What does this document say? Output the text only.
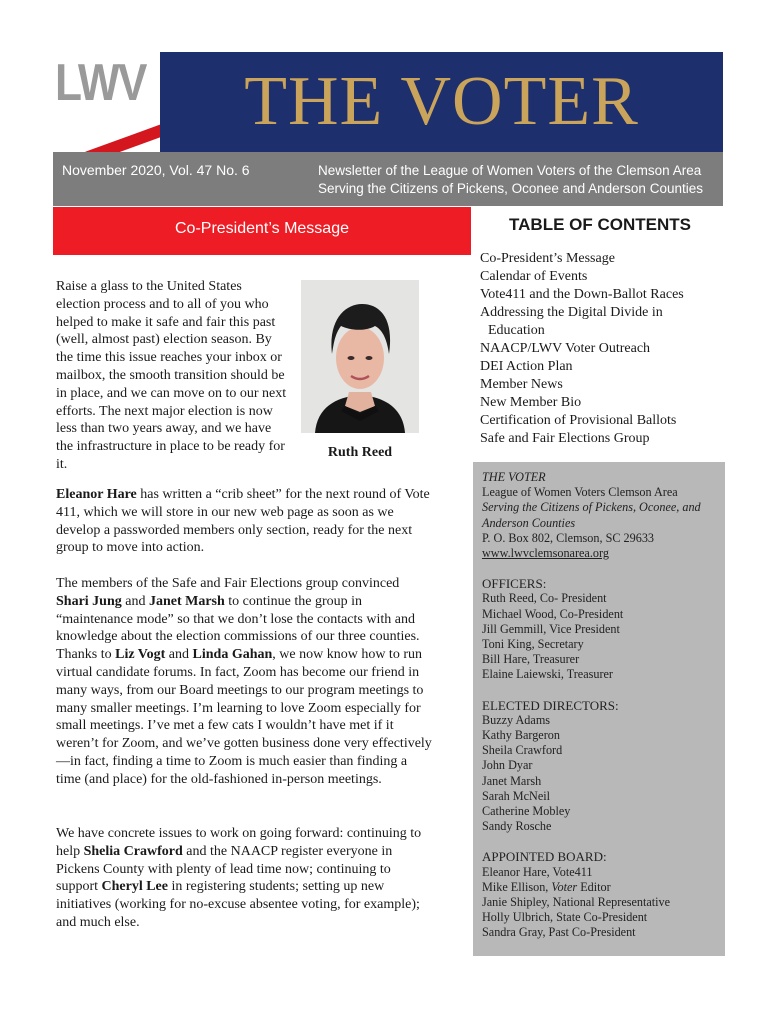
LWV	THE VOTER
November 2020, Vol. 47 No. 6	Newsletter of the League of Women Voters of the Clemson Area
Serving the Citizens of Pickens, Oconee and Anderson Counties
Co-President’s Message
Raise a glass to the United States election process and to all of you who helped to make it safe and fair this past (well, almost past) election season. By the time this issue reaches your inbox or mailbox, the smooth transition should be in place, and we can move on to our next efforts. The next major election is now less than two years away, and we have the infrastructure in place to be ready for it.
Ruth Reed
Eleanor Hare has written a “crib sheet” for the next round of Vote 411, which we will store in our new web page as soon as we develop a passworded members only section, ready for the next group to move into action.
The members of the Safe and Fair Elections group convinced Shari Jung and Janet Marsh to continue the group in “maintenance mode” so that we don’t lose the contacts with and knowledge about the election commissions of our three counties. Thanks to Liz Vogt and Linda Gahan, we now know how to run virtual candidate forums. In fact, Zoom has become our friend in many ways, from our Board meetings to our program meetings to many smaller meetings. I’m learning to love Zoom especially for small meetings. I’ve met a few cats I wouldn’t have met if it weren’t for Zoom, and we’ve gotten business done very effectively—in fact, finding a time to Zoom is much easier than finding a time (and place) for the old-fashioned in-person meetings.
We have concrete issues to work on going forward: continuing to help Shelia Crawford and the NAACP register everyone in Pickens County with plenty of lead time now; continuing to support Cheryl Lee in registering students; setting up new initiatives (working for no-excuse absentee voting, for example); and much else.
TABLE OF CONTENTS
Co-President’s Message
Calendar of Events
Vote411 and the Down-Ballot Races
Addressing the Digital Divide in
Education
NAACP/LWV Voter Outreach
DEI Action Plan
Member News
New Member Bio
Certification of Provisional Ballots
Safe and Fair Elections Group
THE VOTER
League of Women Voters Clemson Area
Serving the Citizens of Pickens, Oconee, and
Anderson Counties
P. O. Box 802, Clemson, SC 29633
www.lwvclemsonarea.org
OFFICERS:
Ruth Reed, Co- President
Michael Wood, Co-President
Jill Gemmill, Vice President
Toni King, Secretary
Bill Hare, Treasurer
Elaine Laiewski, Treasurer
ELECTED DIRECTORS:
Buzzy Adams
Kathy Bargeron
Sheila Crawford
John Dyar
Janet Marsh
Sarah McNeil
Catherine Mobley
Sandy Rosche
APPOINTED BOARD:
Eleanor Hare, Vote411
Mike Ellison, Voter Editor
Janie Shipley, National Representative
Holly Ulbrich, State Co-President
Sandra Gray, Past Co-President
